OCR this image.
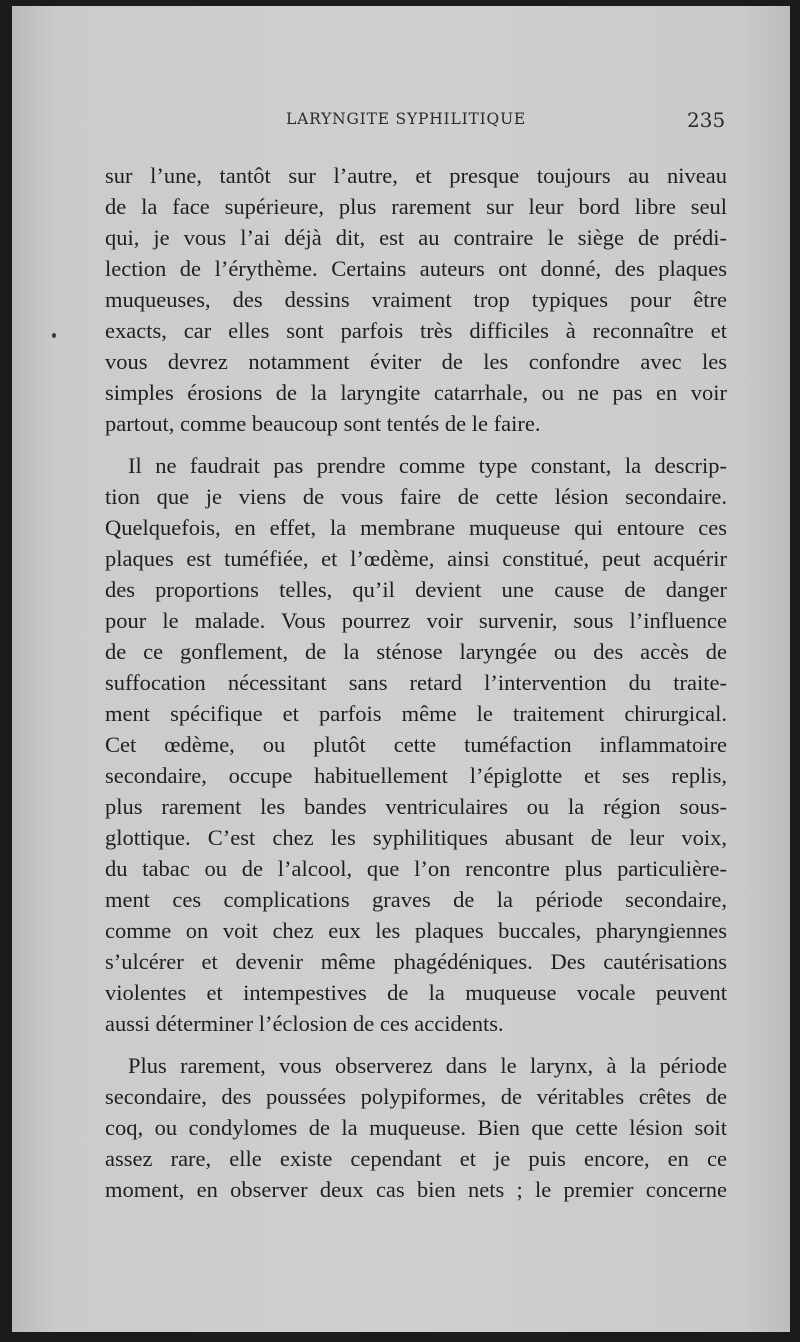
LARYNGITE SYPHILITIQUE	235

sur l’une, tantôt sur l’autre, et presque toujours au niveau
de la face supérieure, plus rarement sur leur bord libre seul
qui, je vous l’ai déjà dit, est au contraire le siège de prédi-
lection de l’érythème. Certains auteurs ont donné, des plaques
muqueuses, des dessins vraiment trop typiques pour être
exacts, car elles sont parfois très difficiles à reconnaître et
vous devrez notamment éviter de les confondre avec les
simples érosions de la laryngite catarrhale, ou ne pas en voir
partout, comme beaucoup sont tentés de le faire.

Il ne faudrait pas prendre comme type constant, la descrip-
tion que je viens de vous faire de cette lésion secondaire.
Quelquefois, en effet, la membrane muqueuse qui entoure ces
plaques est tuméfiée, et l’œdème, ainsi constitué, peut acquérir
des proportions telles, qu’il devient une cause de danger
pour le malade. Vous pourrez voir survenir, sous l’influence
de ce gonflement, de la sténose laryngée ou des accès de
suffocation nécessitant sans retard l’intervention du traite-
ment spécifique et parfois même le traitement chirurgical.
Cet œdème, ou plutôt cette tuméfaction inflammatoire
secondaire, occupe habituellement l’épiglotte et ses replis,
plus rarement les bandes ventriculaires ou la région sous-
glottique. C’est chez les syphilitiques abusant de leur voix,
du tabac ou de l’alcool, que l’on rencontre plus particulière-
ment ces complications graves de la période secondaire,
comme on voit chez eux les plaques buccales, pharyngiennes
s’ulcérer et devenir même phagédéniques. Des cautérisations
violentes et intempestives de la muqueuse vocale peuvent
aussi déterminer l’éclosion de ces accidents.

Plus rarement, vous observerez dans le larynx, à la période
secondaire, des poussées polypiformes, de véritables crêtes de
coq, ou condylomes de la muqueuse. Bien que cette lésion soit
assez rare, elle existe cependant et je puis encore, en ce
moment, en observer deux cas bien nets ; le premier concerne
